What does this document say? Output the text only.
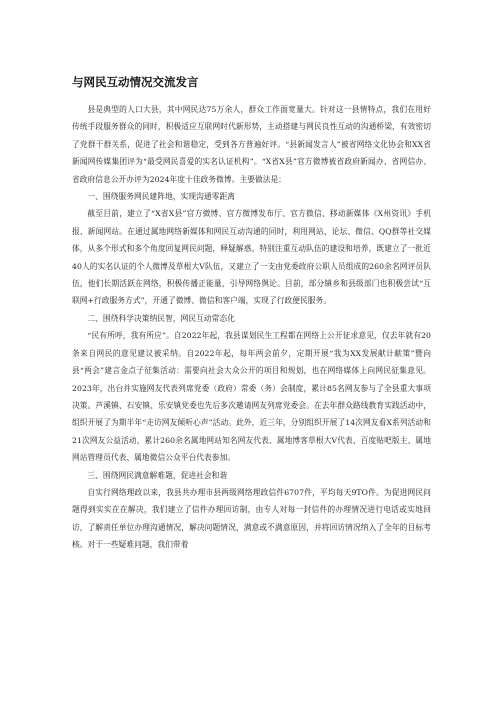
与网民互动情况交流发言

县是典型的人口大县，其中网民达75万余人，群众工作面宽量大。针对这一县情特点，我们在用好传统手段服务群众的同时，积极适应互联网时代新形势，主动搭建与网民良性互动的沟通桥梁，有效密切了党群干群关系，促进了社会和谐稳定，受到各方普遍好评。“县新闻发言人”被省网络文化协会和XX省新闻网传媒集团评为“最受网民喜爱的实名认证机构”。“X省X县”官方微博被省政府新闻办、省网信办、省政府信息公开办评为2024年度十佳政务微博。主要做法是：

一、围绕服务网民建阵地，实现沟通零距离

截至目前，建立了“X省X县”官方微博、官方微博发布厅、官方微信、移动新媒体《X州资讯》手机报、新闻网站。在通过属地网络新媒体和网民互动沟通的同时，利用网站、论坛、微信、QQ群等社交媒体，从多个形式和多个角度回复网民问题，释疑解惑。特别注重互动队伍的建设和培养，既建立了一批近40人的实名认证的个人微博及草根大V队伍，又建立了一支由党委政府公职人员组成的260余名网评员队伍，他们长期活跃在网络，积极传播正能量，引导网络舆论。目前，部分镇乡和县级部门也积极尝试“互联网+行政服务方式”，开通了微博、微信和客户端，实现了行政便民服务。

二、围绕科学决策纳民智，网民互动常态化

“民有所呼，我有所应”。自2022年起，我县谋划民生工程都在网络上公开征求意见，仅去年就有20条来自网民的意见建议被采纳。自2022年起，每年两会前夕，定期开展“我为XX发展献计献策”暨向县“两会”建言金点子征集活动：需要向社会大众公开的项目和规划，也在网络媒体上向网民征集意见。2023年，出台并实施网友代表列席党委（政府）常委（务）会制度，累计85名网友参与了全县重大事项决策。芦溪镇、石安镇、乐安镇党委也先后多次邀请网友列席党委会。在去年群众路线教育实践活动中，组织开展了为期半年“走访网友倾听心声”活动。此外，近三年，分别组织开展了14次网友看X系列活动和21次网友公益活动，累计260余名属地网站知名网友代表、属地博客草根大V代表、百度贴吧版主、属地网站管理员代表、属地微信公众平台代表参加。

三、围绕网民满意解难题，促进社会和谐

自实行网络理政以来，我县共办理市县两级网络理政信件6707件，平均每天9TO件。为促进网民问题得到实实在在解决，我们建立了信件办理回访制，由专人对每一封信件的办理情况进行电话或实地回访，了解责任单位办理沟通情况，解决问题情况，满意或不满意原因，并将回访情况纳入了全年的目标考核。对于一些疑难问题，我们带着
